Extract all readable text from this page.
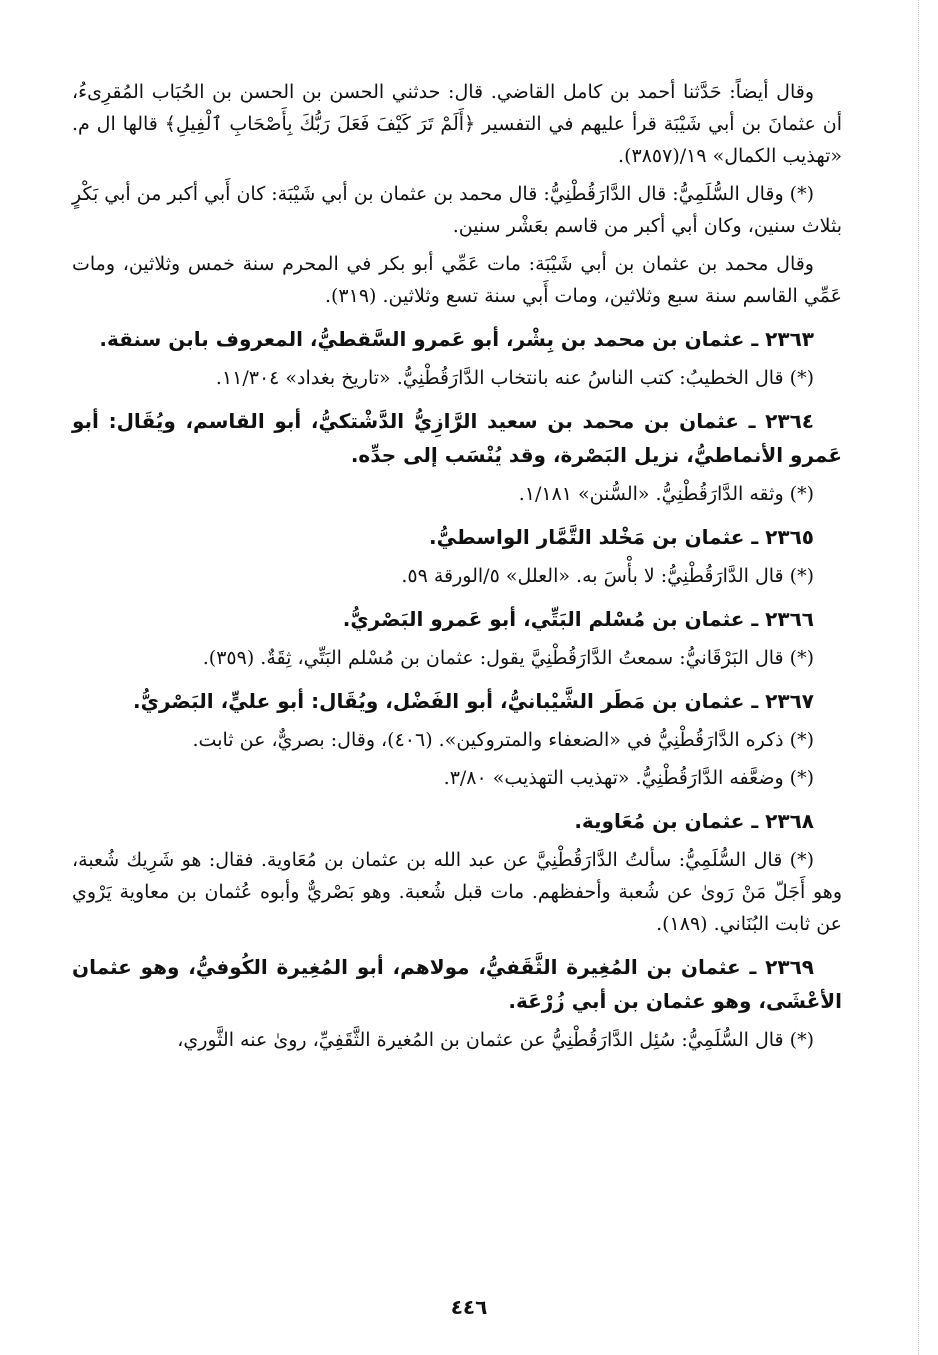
وقال أيضاً: حَدَّثنا أحمد بن كامل القاضي. قال: حدثني الحسن بن الحسن بن الحُبَاب المُقرِىءُ، أن عثمانَ بن أبي شَيْبَة قرأ عليهم في التفسير ﴿أَلَمْ تَرَ كَيْفَ فَعَلَ رَبُّكَ بِأَصْحَابِ ٱلْفِيلِ﴾ قالها ال م. «تهذيب الكمال» ١٩/(٣٨٥٧).
(*) وقال السُّلَمِيُّ: قال الدَّارَقُطْنِيُّ: قال محمد بن عثمان بن أبي شَيْبَة: كان أَبي أكبر من أبي بَكْرٍ بثلاث سنين، وكان أبي أكبر من قاسم بعَشْر سنين.
وقال محمد بن عثمان بن أبي شَيْبَة: مات عَمِّي أبو بكر في المحرم سنة خمس وثلاثين، ومات عَمِّي القاسم سنة سبع وثلاثين، ومات أَبي سنة تسع وثلاثين. (٣١٩).
٢٣٦٣ ـ عثمان بن محمد بن بِشْر، أبو عَمرو السَّقطيُّ، المعروف بابن سنقة.
(*) قال الخطيبُ: كتب الناسُ عنه بانتخاب الدَّارَقُطْنِيُّ. «تاريخ بغداد» ١١/٣٠٤.
٢٣٦٤ ـ عثمان بن محمد بن سعيد الرَّازِيُّ الدَّشْتكيُّ، أبو القاسم، ويُقَال: أبو عَمرو الأنماطيُّ، نزيل البَصْرة، وقد يُنْسَب إلى جدِّه.
(*) وثقه الدَّارَقُطْنِيُّ. «السُّنن» ١/١٨١.
٢٣٦٥ ـ عثمان بن مَخْلد التَّمَّار الواسطيُّ.
(*) قال الدَّارَقُطْنِيُّ: لا بأْسَ به. «العلل» ٥/الورقة ٥٩.
٢٣٦٦ ـ عثمان بن مُسْلم البَتِّي، أبو عَمرو البَصْريُّ.
(*) قال البَرْقَانيُّ: سمعتُ الدَّارَقُطْنِيَّ يقول: عثمان بن مُسْلم البَتِّي، ثِقَةٌ. (٣٥٩).
٢٣٦٧ ـ عثمان بن مَطَر الشَّيْبانيُّ، أبو الفَضْل، ويُقَال: أبو عليٍّ، البَصْريُّ.
(*) ذكره الدَّارَقُطْنِيُّ في «الضعفاء والمتروكين». (٤٠٦)، وقال: بصريٌّ، عن ثابت.
(*) وضعَّفه الدَّارَقُطْنِيُّ. «تهذيب التهذيب» ٣/٨٠.
٢٣٦٨ ـ عثمان بن مُعَاوية.
(*) قال السُّلَمِيُّ: سألتُ الدَّارَقُطْنِيَّ عن عبد الله بن عثمان بن مُعَاوية. فقال: هو شَرِيك شُعبة، وهو أَجَلّ مَنْ رَوىٰ عن شُعبة وأحفظهم. مات قبل شُعبة. وهو بَصْريٌّ وأبوه عُثمان بن معاوية يَرْوي عن ثابت البُنَاني. (١٨٩).
٢٣٦٩ ـ عثمان بن المُغِيرة الثَّقَفيُّ، مولاهم، أبو المُغِيرة الكُوفيُّ، وهو عثمان الأعْشَى، وهو عثمان بن أبي زُرْعَة.
(*) قال السُّلَمِيُّ: سُئِل الدَّارَقُطْنِيُّ عن عثمان بن المُغيرة الثَّقَفِيِّ، روىٰ عنه الثَّوري،
٤٤٦
